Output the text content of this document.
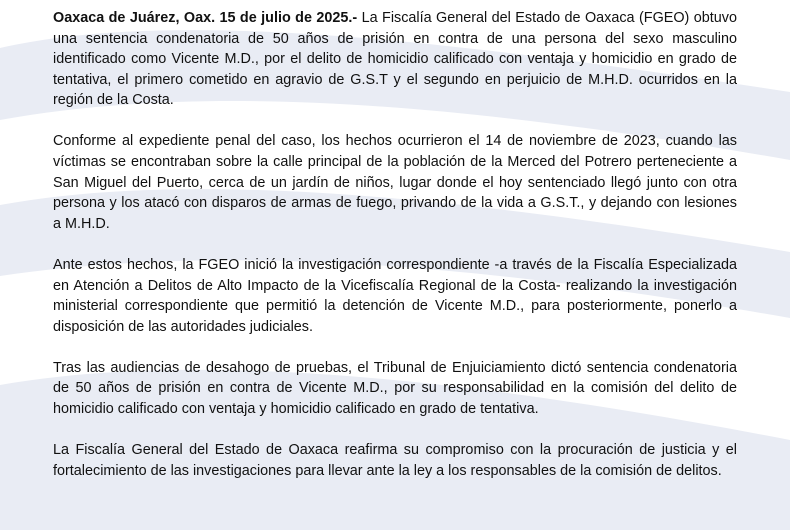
Oaxaca de Juárez, Oax. 15 de julio de 2025.- La Fiscalía General del Estado de Oaxaca (FGEO) obtuvo una sentencia condenatoria de 50 años de prisión en contra de una persona del sexo masculino identificado como Vicente M.D., por el delito de homicidio calificado con ventaja y homicidio en grado de tentativa, el primero cometido en agravio de G.S.T y el segundo en perjuicio de M.H.D. ocurridos en la región de la Costa.

Conforme al expediente penal del caso, los hechos ocurrieron el 14 de noviembre de 2023, cuando las víctimas se encontraban sobre la calle principal de la población de la Merced del Potrero perteneciente a San Miguel del Puerto, cerca de un jardín de niños, lugar donde el hoy sentenciado llegó junto con otra persona y los atacó con disparos de armas de fuego, privando de la vida a G.S.T., y dejando con lesiones a M.H.D.

Ante estos hechos, la FGEO inició la investigación correspondiente -a través de la Fiscalía Especializada en Atención a Delitos de Alto Impacto de la Vicefiscalía Regional de la Costa- realizando la investigación ministerial correspondiente que permitió la detención de Vicente M.D., para posteriormente, ponerlo a disposición de las autoridades judiciales.

Tras las audiencias de desahogo de pruebas, el Tribunal de Enjuiciamiento dictó sentencia condenatoria de 50 años de prisión en contra de Vicente M.D., por su responsabilidad en la comisión del delito de homicidio calificado con ventaja y homicidio calificado en grado de tentativa.

La Fiscalía General del Estado de Oaxaca reafirma su compromiso con la procuración de justicia y el fortalecimiento de las investigaciones para llevar ante la ley a los responsables de la comisión de delitos.
